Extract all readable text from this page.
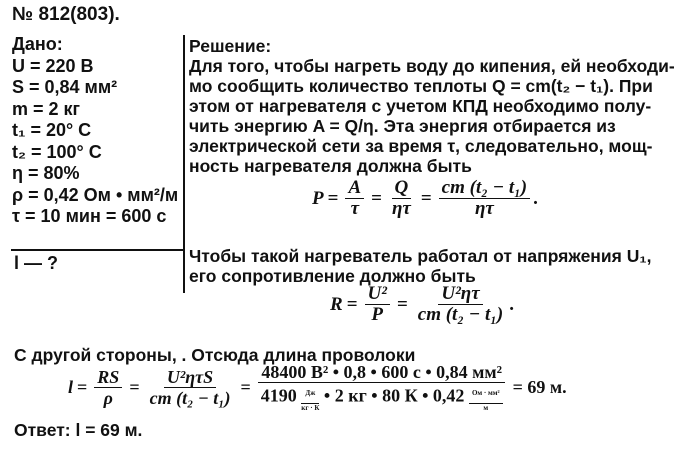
№ 812(803).
Дано:
U = 220 В
S = 0,84 мм²
m = 2 кг
t₁ = 20° С
t₂ = 100° С
η = 80%
ρ = 0,42 Ом • мм²/м
τ = 10 мин = 600 с
l — ?
Решение:
Для того, чтобы нагреть воду до кипения, ей необходи-
мо сообщить количество теплоты Q = cm(t₂ − t₁). При
этом от нагревателя с учетом КПД необходимо полу-
чить энергию A = Q/η. Эта энергия отбирается из
электрической сети за время τ, следовательно, мощ-
ность нагревателя должна быть
$P = \frac{A}{\tau} = \frac{Q}{\eta\tau} = \frac{\text{cm (t₂ − t₁)}}{\eta\tau}$ .
Чтобы такой нагреватель работал от напряжения U₁,
его сопротивление должно быть
$R = \frac{\text{U²}}{P} = \frac{\text{U²ητ}}{\text{cm (t₂ − t₁)}}$ .
С другой стороны, . Отсюда длина проволоки
$l = \frac{RS}{\rho} = \frac{\text{U²ητS}}{\text{cm (t₂ − t₁)}}$ =
48400 В² • 0,8 • 600 с • 0,84 мм²
4190	Дж
кг · К
• 2 кг • 80 К • 0,42	Ом · мм²
м
= 69 м.
Ответ: l = 69 м.
